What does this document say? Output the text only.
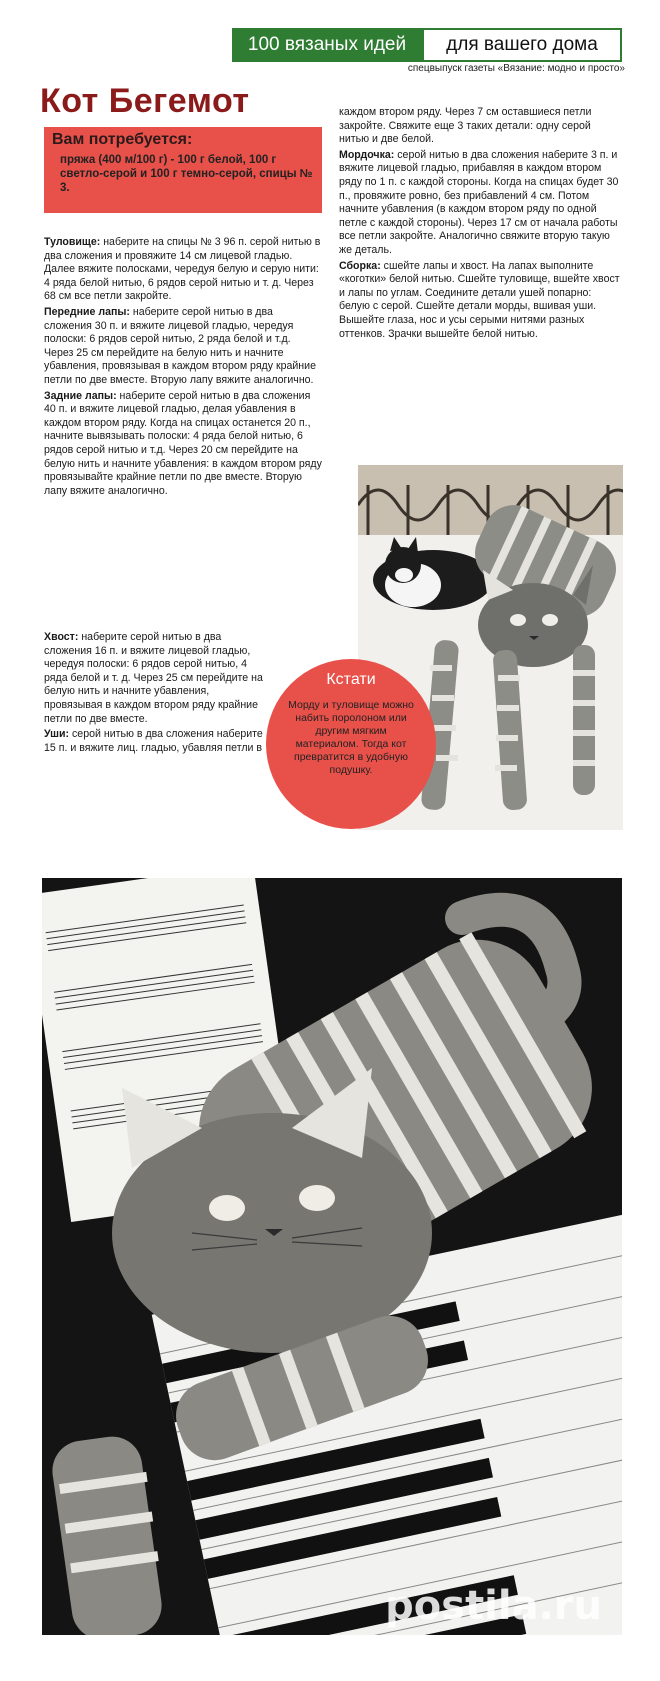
100 вязаных идей	для вашего дома
спецвыпуск газеты «Вязание: модно и просто»
Кот Бегемот
Вам потребуется:

пряжа (400 м/100 г) - 100 г белой, 100 г светло-серой и 100 г темно-серой, спицы № 3.

Туловище: наберите на спицы № 3 96 п. серой нитью в два сложения и провяжите 14 см лицевой гладью. Далее вяжите полосками, чередуя белую и серую нити: 4 ряда белой нитью, 6 рядов серой нитью и т. д. Через 68 см все петли закройте.

Передние лапы: наберите серой нитью в два сложения 30 п. и вяжите лицевой гладью, чередуя полоски: 6 рядов серой нитью, 2 ряда белой и т.д. Через 25 см перейдите на белую нить и начните убавления, провязывая в каждом втором ряду крайние петли по две вместе. Вторую лапу вяжите аналогично.

Задние лапы: наберите серой нитью в два сложения 40 п. и вяжите лицевой гладью, делая убавления в каждом втором ряду. Когда на спицах останется 20 п., начните вывязывать полоски: 4 ряда белой нитью, 6 рядов серой нитью и т.д. Через 20 см перейдите на белую нить и начните убавления: в каждом втором ряду провязывайте крайние петли по две вместе. Вторую лапу вяжите аналогично.

Хвост: наберите серой нитью в два сложения 16 п. и вяжите лицевой гладью, чередуя полоски: 6 рядов серой нитью, 4 ряда белой и т. д. Через 25 см перейдите на белую нить и начните убавления, провязывая в каждом втором ряду крайние петли по две вместе.

Уши: серой нитью в два сложения наберите 15 п. и вяжите лиц. гладью, убавляя петли в

каждом втором ряду. Через 7 см оставшиеся петли закройте. Свяжите еще 3 таких детали: одну серой нитью и две белой.

Мордочка: серой нитью в два сложения наберите 3 п. и вяжите лицевой гладью, прибавляя в каждом втором ряду по 1 п. с каждой стороны. Когда на спицах будет 30 п., провяжите ровно, без прибавлений 4 см. Потом начните убавления (в каждом втором ряду по одной петле с каждой стороны). Через 17 см от начала работы все петли закройте. Аналогично свяжите вторую такую же деталь.

Сборка: сшейте лапы и хвост. На лапах выполните «коготки» белой нитью. Сшейте туловище, вшейте хвост и лапы по углам. Соедините детали ушей попарно: белую с серой. Сшейте детали морды, вшивая уши. Вышейте глаза, нос и усы серыми нитями разных оттенков. Зрачки вышейте белой нитью.

Кстати
Морду и туловище можно набить поролоном или другим мягким материалом. Тогда кот превратится в удобную подушку.
postila.ru
